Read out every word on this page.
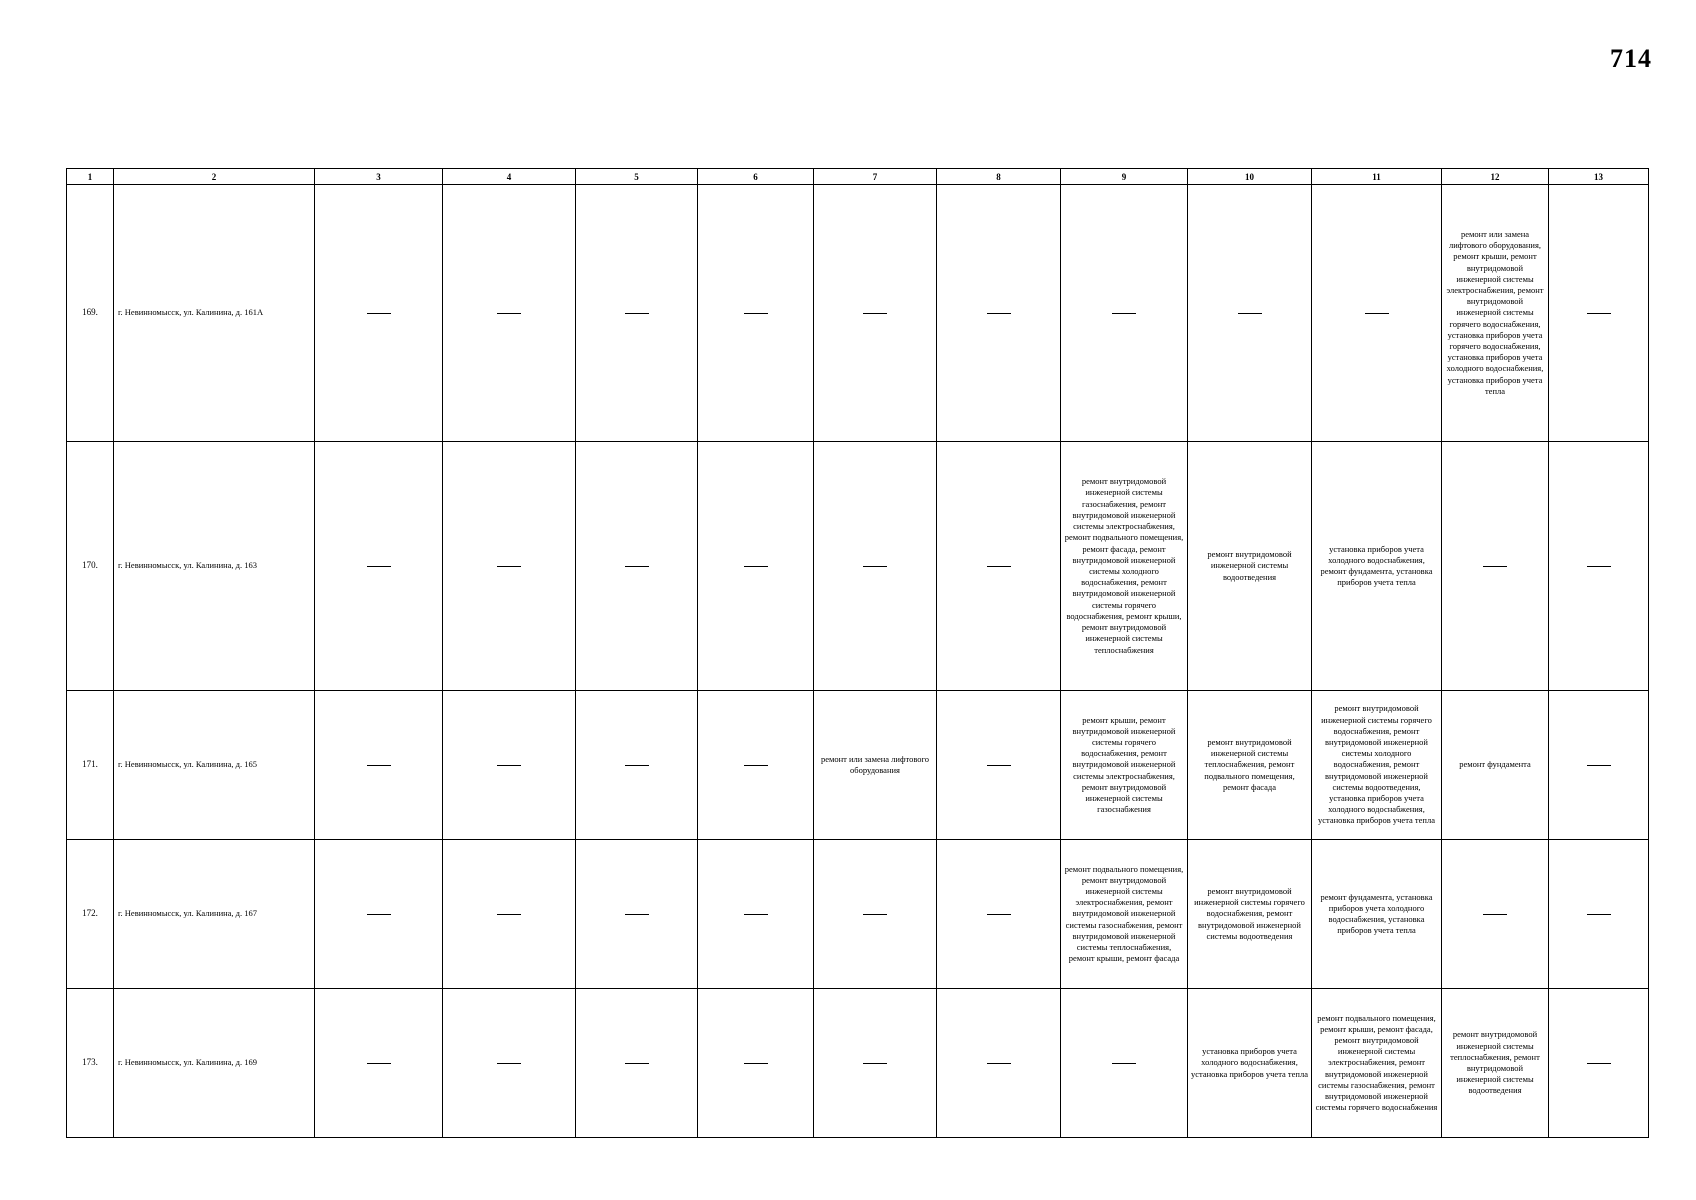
714
1	2	3	4	5	6	7	8	9	10	11	12	13
169.	г. Невинномысск, ул. Калинина, д. 161А										ремонт или замена лифтового оборудования, ремонт крыши, ремонт внутридомовой инженерной системы электроснабжения, ремонт внутридомовой инженерной системы горячего водоснабжения, установка приборов учета горячего водоснабжения, установка приборов учета холодного водоснабжения, установка приборов учета тепла	
170.	г. Невинномысск, ул. Калинина, д. 163							ремонт внутридомовой инженерной системы газоснабжения, ремонт внутридомовой инженерной системы электроснабжения, ремонт подвального помещения, ремонт фасада, ремонт внутридомовой инженерной системы холодного водоснабжения, ремонт внутридомовой инженерной системы горячего водоснабжения, ремонт крыши, ремонт внутридомовой инженерной системы теплоснабжения	ремонт внутридомовой инженерной системы водоотведения	установка приборов учета холодного водоснабжения, ремонт фундамента, установка приборов учета тепла		
171.	г. Невинномысск, ул. Калинина, д. 165					ремонт или замена лифтового оборудования		ремонт крыши, ремонт внутридомовой инженерной системы горячего водоснабжения, ремонт внутридомовой инженерной системы электроснабжения, ремонт внутридомовой инженерной системы газоснабжения	ремонт внутридомовой инженерной системы теплоснабжения, ремонт подвального помещения, ремонт фасада	ремонт внутридомовой инженерной системы горячего водоснабжения, ремонт внутридомовой инженерной системы холодного водоснабжения, ремонт внутридомовой инженерной системы водоотведения, установка приборов учета холодного водоснабжения, установка приборов учета тепла	ремонт фундамента	
172.	г. Невинномысск, ул. Калинина, д. 167							ремонт подвального помещения, ремонт внутридомовой инженерной системы электроснабжения, ремонт внутридомовой инженерной системы газоснабжения, ремонт внутридомовой инженерной системы теплоснабжения, ремонт крыши, ремонт фасада	ремонт внутридомовой инженерной системы горячего водоснабжения, ремонт внутридомовой инженерной системы водоотведения	ремонт фундамента, установка приборов учета холодного водоснабжения, установка приборов учета тепла		
173.	г. Невинномысск, ул. Калинина, д. 169								установка приборов учета холодного водоснабжения, установка приборов учета тепла	ремонт подвального помещения, ремонт крыши, ремонт фасада, ремонт внутридомовой инженерной системы электроснабжения, ремонт внутридомовой инженерной системы газоснабжения, ремонт внутридомовой инженерной системы горячего водоснабжения	ремонт внутридомовой инженерной системы теплоснабжения, ремонт внутридомовой инженерной системы водоотведения	
